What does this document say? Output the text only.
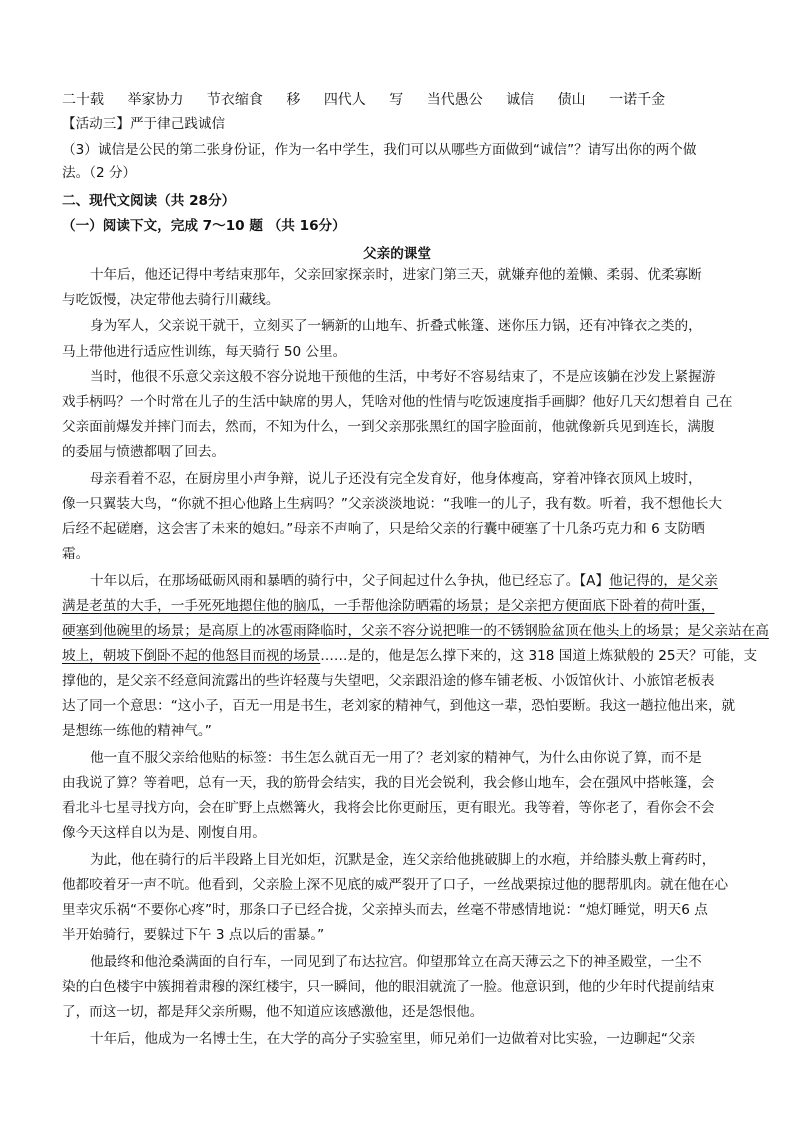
二十载 举家协力 节衣缩食 移 四代人 写 当代愚公 诚信 债山 一诺千金
【活动三】严于律己践诚信
（3）诚信是公民的第二张身份证，作为一名中学生，我们可以从哪些方面做到“诚信”？请写出你的两个做
法。（2 分）
二、现代文阅读（共 28分）
（一）阅读下文，完成 7～10 题 （共 16分）
父亲的课堂
十年后，他还记得中考结束那年，父亲回家探亲时，进家门第三天，就嫌弃他的羞懒、柔弱、优柔寡断
与吃饭慢，决定带他去骑行川藏线。
身为军人，父亲说干就干，立刻买了一辆新的山地车、折叠式帐篷、迷你压力锅，还有冲锋衣之类的，
马上带他进行适应性训练，每天骑行 50 公里。
当时，他很不乐意父亲这般不容分说地干预他的生活，中考好不容易结束了，不是应该躺在沙发上紧握游
戏手柄吗？一个时常在儿子的生活中缺席的男人，凭啥对他的性情与吃饭速度指手画脚？他好几天幻想着自 己在
父亲面前爆发并摔门而去，然而，不知为什么，一到父亲那张黑红的国字脸面前，他就像新兵见到连长，满腹
的委屈与愤懑都咽了回去。
母亲看着不忍，在厨房里小声争辩，说儿子还没有完全发育好，他身体瘦高，穿着冲锋衣顶风上坡时，
像一只翼装大鸟，“你就不担心他路上生病吗？”父亲淡淡地说：“我唯一的儿子，我有数。听着，我不想他长大
后经不起磋磨，这会害了未来的媳妇。”母亲不声响了，只是给父亲的行囊中硬塞了十几条巧克力和 6 支防晒
霜。
十年以后，在那场砥砺风雨和暴晒的骑行中，父子间起过什么争执，他已经忘了。【A】他记得的，是父亲
满是老茧的大手，一手死死地摁住他的脑瓜，一手帮他涂防晒霜的场景；是父亲把方便面底下卧着的荷叶蛋，
硬塞到他碗里的场景；是高原上的冰雹雨降临时，父亲不容分说把唯一的不锈钢脸盆顶在他头上的场景；是父亲站在高
坡上，朝坡下倒卧不起的他怒目而视的场景……是的，他是怎么撑下来的，这 318 国道上炼狱般的 25天？可能，支
撑他的，是父亲不经意间流露出的些许轻蔑与失望吧，父亲跟沿途的修车铺老板、小饭馆伙计、小旅馆老板表
达了同一个意思：“这小子，百无一用是书生，老刘家的精神气，到他这一辈，恐怕要断。我这一趟拉他出来，就
是想练一练他的精神气。”
他一直不服父亲给他贴的标签：书生怎么就百无一用了？老刘家的精神气，为什么由你说了算，而不是
由我说了算？等着吧，总有一天，我的筋骨会结实，我的目光会锐利，我会修山地车，会在强风中搭帐篷，会
看北斗七星寻找方向，会在旷野上点燃篝火，我将会比你更耐压，更有眼光。我等着，等你老了，看你会不会
像今天这样自以为是、刚愎自用。
为此，他在骑行的后半段路上目光如炬，沉默是金，连父亲给他挑破脚上的水疱，并给膝头敷上膏药时，
他都咬着牙一声不吭。他看到，父亲脸上深不见底的威严裂开了口子，一丝战栗掠过他的腮帮肌肉。就在他在心
里幸灾乐祸“不要你心疼”时，那条口子已经合拢，父亲掉头而去，丝毫不带感情地说：“熄灯睡觉，明天6 点
半开始骑行，要躲过下午 3 点以后的雷暴。”
他最终和他沧桑满面的自行车，一同见到了布达拉宫。仰望那耸立在高天薄云之下的神圣殿堂，一尘不
染的白色楼宇中簇拥着肃穆的深红楼宇，只一瞬间，他的眼泪就流了一脸。他意识到，他的少年时代提前结束
了，而这一切，都是拜父亲所赐，他不知道应该感激他，还是怨恨他。
十年后，他成为一名博士生，在大学的高分子实验室里，师兄弟们一边做着对比实验，一边聊起“父亲
